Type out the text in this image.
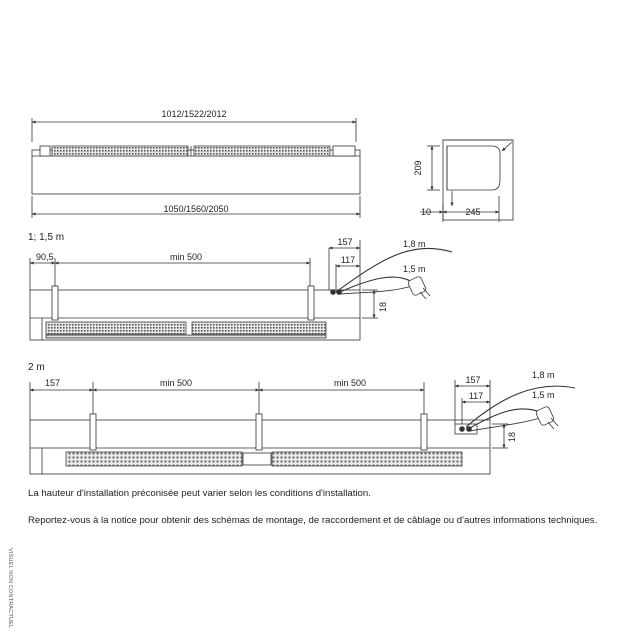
1012/1522/2012
1050/1560/2050
209
10	245
1; 1,5 m
90,5	min 500
157
117
18
1,8 m
1,5 m
2 m
157	min 500	min 500	157
117
18
1,8 m
1,5 m

La hauteur d'installation préconisée peut varier selon les conditions d'installation.

Reportez-vous à la notice pour obtenir des schémas de montage, de raccordement et de câblage ou d'autres informations techniques.

VISUEL NON CONTRACTUEL
